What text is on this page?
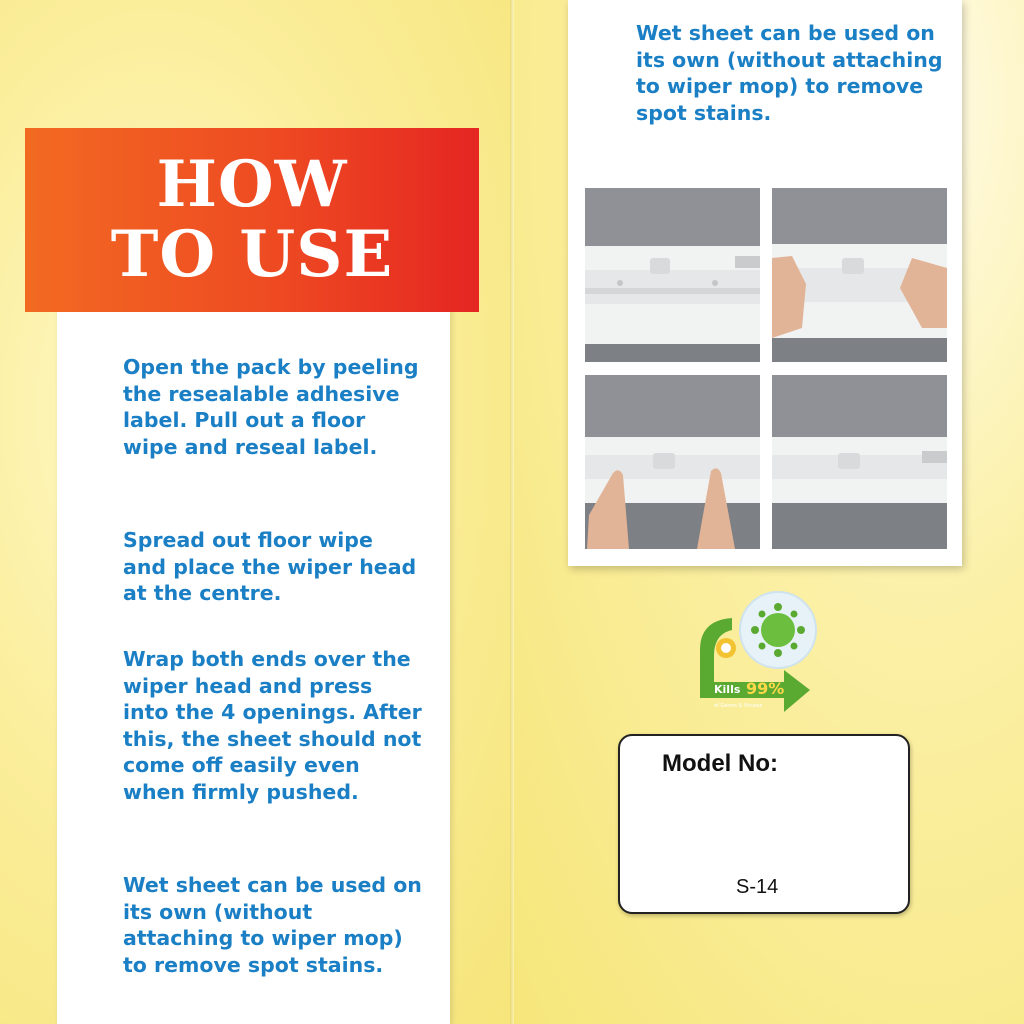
HOW
TO USE
Open the pack by peeling the resealable adhesive label. Pull out a floor wipe and reseal label.
Spread out floor wipe and place the wiper head at the centre.
Wrap both ends over the wiper head and press into the 4 openings. After this, the sheet should not come off easily even when firmly pushed.
Wet sheet can be used on its own (without attaching to wiper mop) to remove spot stains.
Wet sheet can be used on its own (without attaching to wiper mop) to remove spot stains.
Kills 99%
of Germs & Viruses
Model No:
S-14
